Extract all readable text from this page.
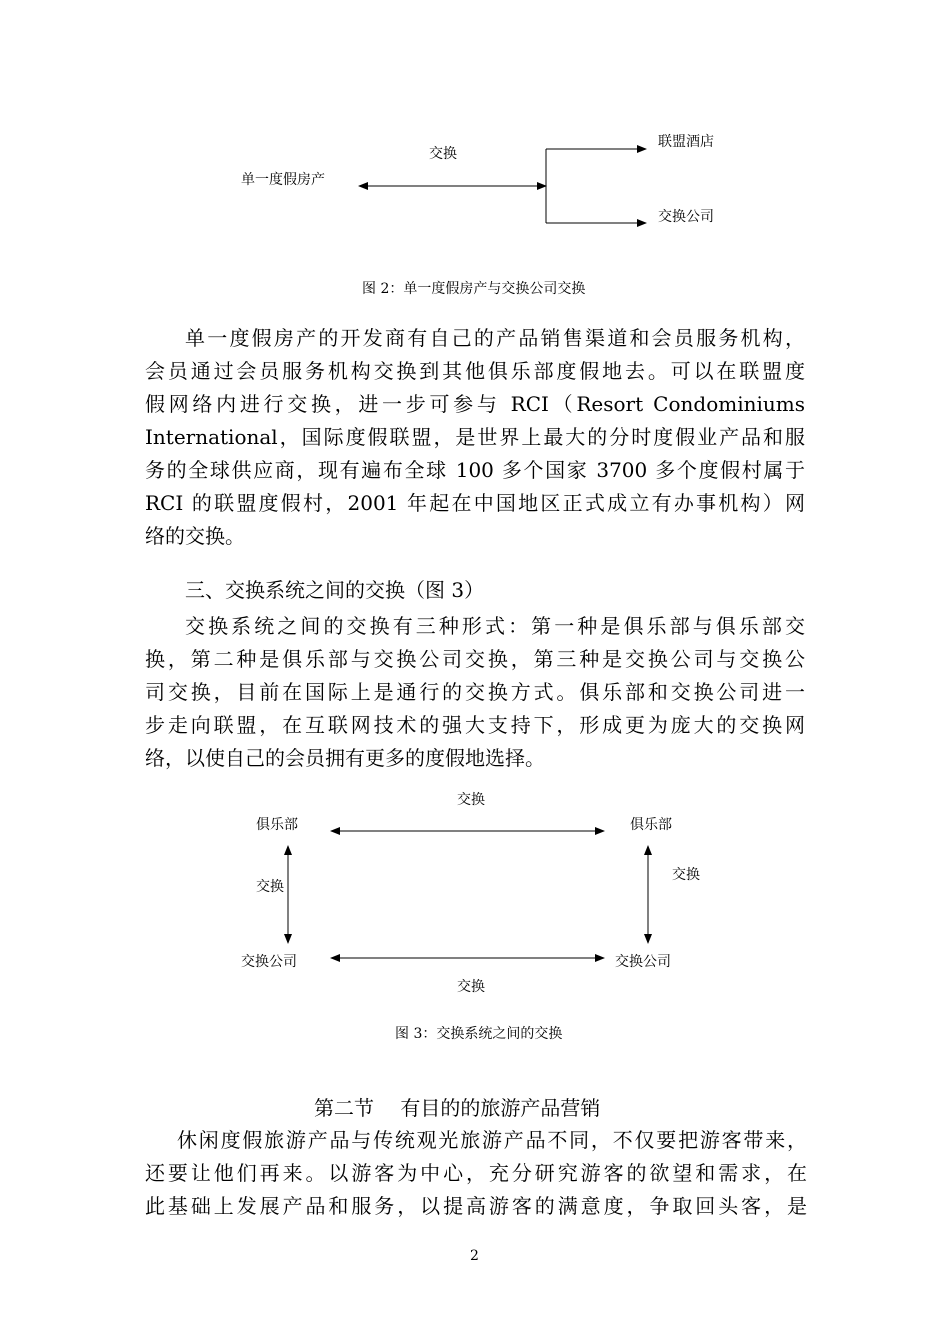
单一度假房产
交换
联盟酒店
交换公司
图 2：单一度假房产与交换公司交换
单一度假房产的开发商有自己的产品销售渠道和会员服务机构，
会员通过会员服务机构交换到其他俱乐部度假地去。可以在联盟度
假网络内进行交换，进一步可参与 RCI（Resort Condominiums
International，国际度假联盟，是世界上最大的分时度假业产品和服
务的全球供应商，现有遍布全球 100 多个国家 3700 多个度假村属于
RCI 的联盟度假村，2001 年起在中国地区正式成立有办事机构）网
络的交换。
三、交换系统之间的交换（图 3）
交换系统之间的交换有三种形式：第一种是俱乐部与俱乐部交
换，第二种是俱乐部与交换公司交换，第三种是交换公司与交换公
司交换，目前在国际上是通行的交换方式。俱乐部和交换公司进一
步走向联盟，在互联网技术的强大支持下，形成更为庞大的交换网
络，以使自己的会员拥有更多的度假地选择。
交换
俱乐部	俱乐部
交换
交换
交换公司	交换公司
交换
图 3：交换系统之间的交换
第二节　 有目的的旅游产品营销
休闲度假旅游产品与传统观光旅游产品不同，不仅要把游客带来，
还要让他们再来。以游客为中心，充分研究游客的欲望和需求，在
此基础上发展产品和服务，以提高游客的满意度，争取回头客，是
2
